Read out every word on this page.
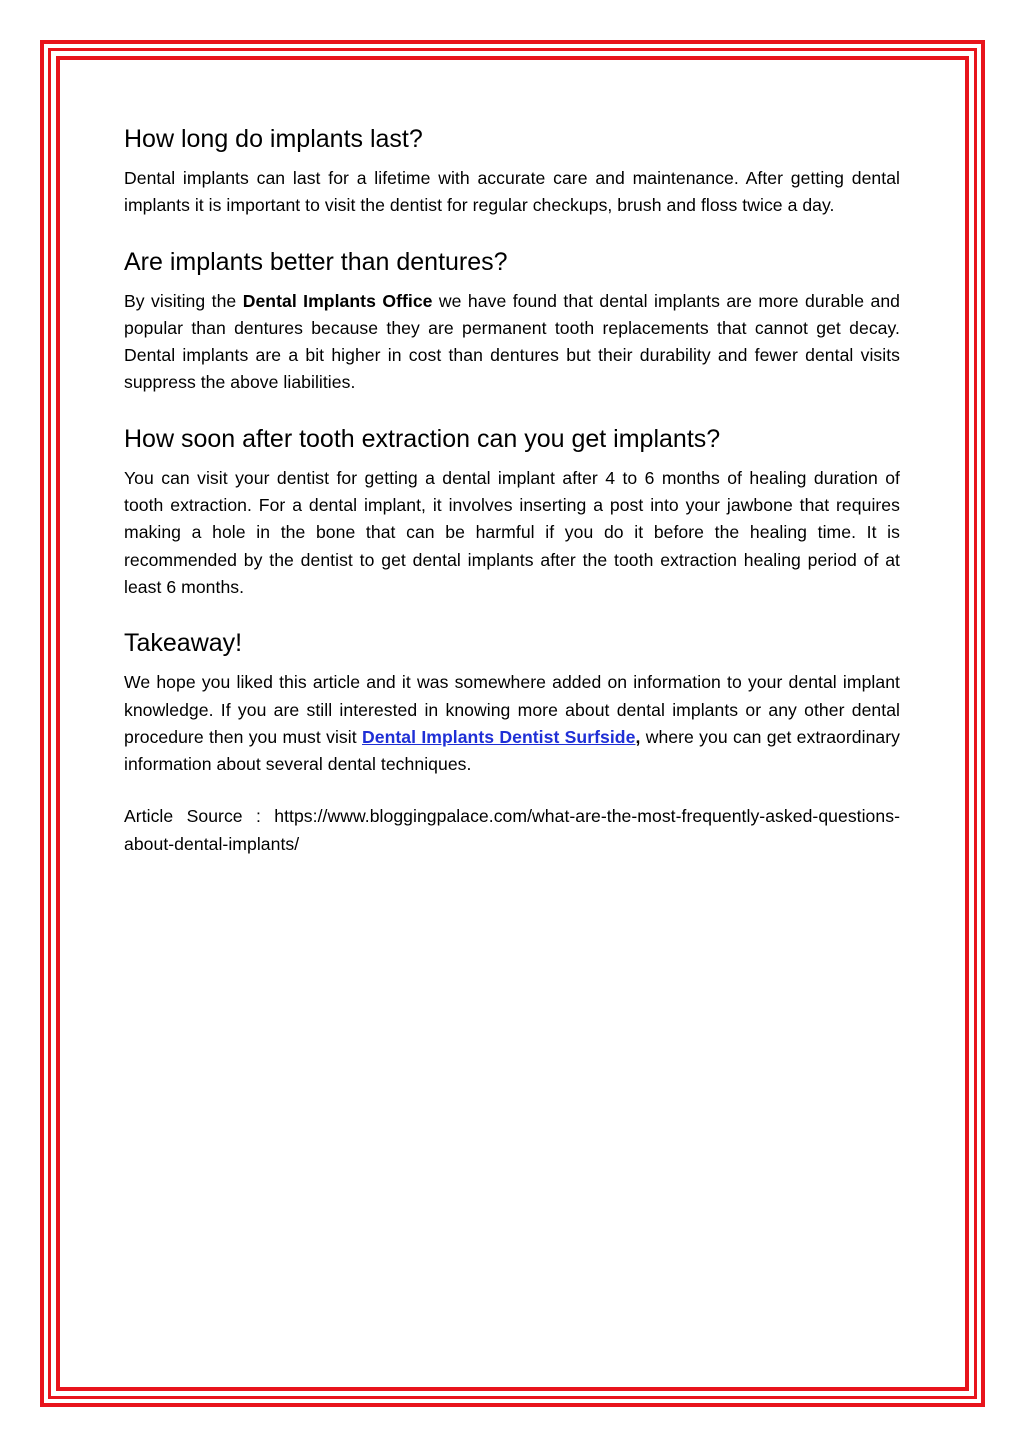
How long do implants last?

Dental implants can last for a lifetime with accurate care and maintenance. After getting dental implants it is important to visit the dentist for regular checkups, brush and floss twice a day.

Are implants better than dentures?

By visiting the Dental Implants Office we have found that dental implants are more durable and popular than dentures because they are permanent tooth replacements that cannot get decay. Dental implants are a bit higher in cost than dentures but their durability and fewer dental visits suppress the above liabilities.

How soon after tooth extraction can you get implants?

You can visit your dentist for getting a dental implant after 4 to 6 months of healing duration of tooth extraction. For a dental implant, it involves inserting a post into your jawbone that requires making a hole in the bone that can be harmful if you do it before the healing time. It is recommended by the dentist to get dental implants after the tooth extraction healing period of at least 6 months.

Takeaway!

We hope you liked this article and it was somewhere added on information to your dental implant knowledge. If you are still interested in knowing more about dental implants or any other dental procedure then you must visit Dental Implants Dentist Surfside, where you can get extraordinary information about several dental techniques.

Article Source : https://www.bloggingpalace.com/what-are-the-most-frequently-asked-questions-about-dental-implants/
